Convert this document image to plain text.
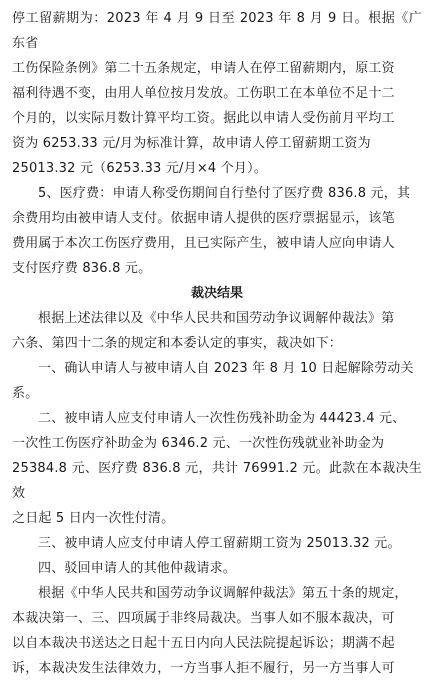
停工留薪期为：2023 年 4 月 9 日至 2023 年 8 月 9 日。根据《广东省

工伤保险条例》第二十五条规定，申请人在停工留薪期内，原工资

福利待遇不变，由用人单位按月发放。工伤职工在本单位不足十二

个月的，以实际月数计算平均工资。据此以申请人受伤前月平均工

资为 6253.33 元/月为标准计算，故申请人停工留薪期工资为

25013.32 元（6253.33 元/月×4 个月）。

5、医疗费：申请人称受伤期间自行垫付了医疗费 836.8 元，其

余费用均由被申请人支付。依据申请人提供的医疗票据显示，该笔

费用属于本次工伤医疗费用，且已实际产生，被申请人应向申请人

支付医疗费 836.8 元。

裁决结果

根据上述法律以及《中华人民共和国劳动争议调解仲裁法》第

六条、第四十二条的规定和本委认定的事实，裁决如下：

一、确认申请人与被申请人自 2023 年 8 月 10 日起解除劳动关

系。

二、被申请人应支付申请人一次性伤残补助金为 44423.4 元、

一次性工伤医疗补助金为 6346.2 元、一次性伤残就业补助金为

25384.8 元、医疗费 836.8 元，共计 76991.2 元。此款在本裁决生效

之日起 5 日内一次性付清。

三、被申请人应支付申请人停工留薪期工资为 25013.32 元。

四、驳回申请人的其他仲裁请求。

根据《中华人民共和国劳动争议调解仲裁法》第五十条的规定，

本裁决第一、三、四项属于非终局裁决。当事人如不服本裁决，可

以自本裁决书送达之日起十五日内向人民法院提起诉讼；期满不起

诉，本裁决发生法律效力，一方当事人拒不履行，另一方当事人可
